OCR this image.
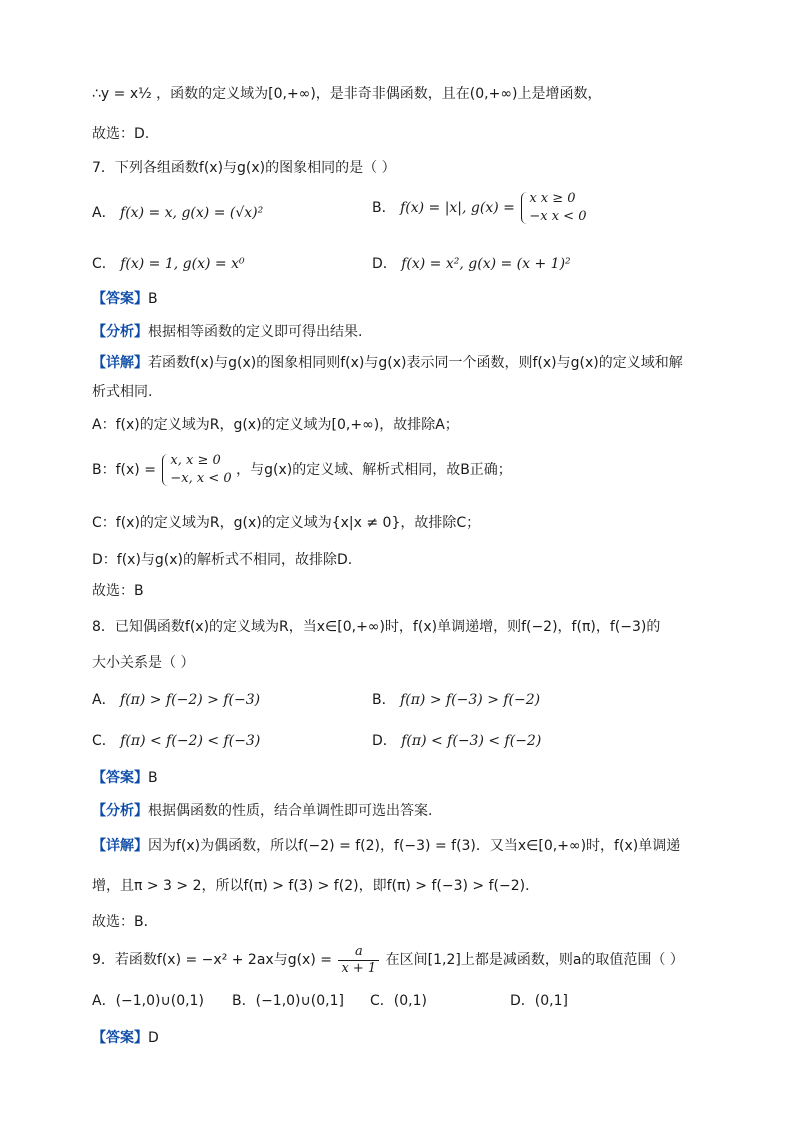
∴y = x½ ，函数的定义域为[0,+∞)，是非奇非偶函数，且在(0,+∞)上是增函数，
故选：D.
7．下列各组函数f(x)与g(x)的图象相同的是（ ）
A． f(x) = x, g(x) = (√x)²	B． f(x) = |x|, g(x) =
x x ≥ 0
−x x < 0
C． f(x) = 1, g(x) = x⁰	D． f(x) = x², g(x) = (x + 1)²
【答案】B
【分析】根据相等函数的定义即可得出结果.
【详解】若函数f(x)与g(x)的图象相同则f(x)与g(x)表示同一个函数，则f(x)与g(x)的定义域和解
析式相同.
A：f(x)的定义域为R，g(x)的定义域为[0,+∞)，故排除A；
B：f(x) =
x, x ≥ 0
−x, x < 0
，与g(x)的定义域、解析式相同，故B正确；
C：f(x)的定义域为R，g(x)的定义域为{x|x ≠ 0}，故排除C；
D：f(x)与g(x)的解析式不相同，故排除D.
故选：B
8．已知偶函数f(x)的定义域为R，当x∈[0,+∞)时，f(x)单调递增，则f(−2)，f(π)，f(−3)的
大小关系是（ ）
A． f(π) > f(−2) > f(−3)	B． f(π) > f(−3) > f(−2)
C． f(π) < f(−2) < f(−3)	D． f(π) < f(−3) < f(−2)
【答案】B
【分析】根据偶函数的性质，结合单调性即可选出答案.
【详解】因为f(x)为偶函数，所以f(−2) = f(2)，f(−3) = f(3)．又当x∈[0,+∞)时，f(x)单调递
增，且π > 3 > 2，所以f(π) > f(3) > f(2)，即f(π) > f(−3) > f(−2)．
故选：B．
9．若函数f(x) = −x² + 2ax与$g(x) = \frac{a}{x + 1}$ 在区间[1,2]上都是减函数，则a的取值范围（ ）
A．(−1,0)∪(0,1) B．(−1,0)∪(0,1] C．(0,1)	D．(0,1]
【答案】D
